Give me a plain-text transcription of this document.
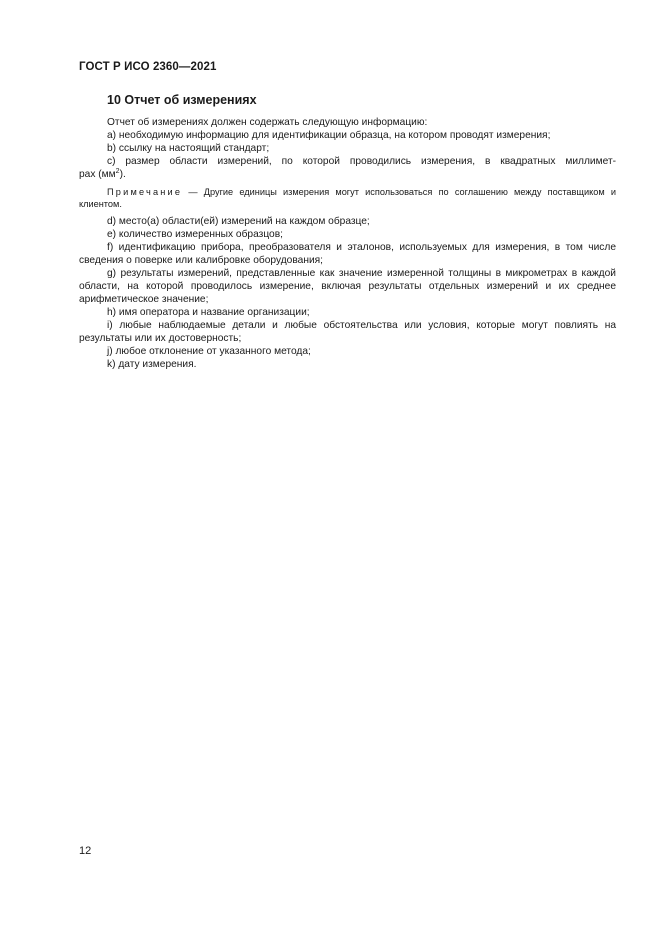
ГОСТ Р ИСО 2360—2021
10 Отчет об измерениях

Отчет об измерениях должен содержать следующую информацию:

а) необходимую информацию для идентификации образца, на котором проводят измерения;

b) ссылку на настоящий стандарт;

с) размер области измерений, по которой проводились измерения, в квадратных миллимет-

рах $(мм^2)$.

Примечание — Другие единицы измерения могут использоваться по соглашению между поставщиком и клиентом.

d) место(а) области(ей) измерений на каждом образце;

е) количество измеренных образцов;

f) идентификацию прибора, преобразователя и эталонов, используемых для измерения, в том числе сведения о поверке или калибровке оборудования;

g) результаты измерений, представленные как значение измеренной толщины в микрометрах в каждой области, на которой проводилось измерение, включая результаты отдельных измерений и их среднее арифметическое значение;

h) имя оператора и название организации;

i) любые наблюдаемые детали и любые обстоятельства или условия, которые могут повлиять на результаты или их достоверность;

j) любое отклонение от указанного метода;

k) дату измерения.

12
